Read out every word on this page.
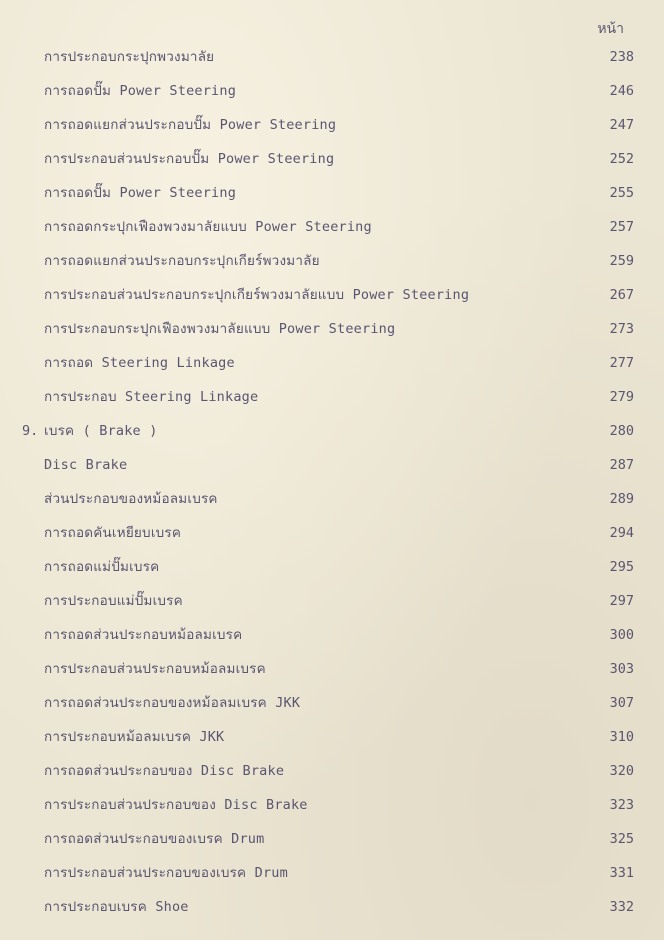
หน้า
การประกอบกระปุกพวงมาลัย	238
การถอดปั๊ม Power Steering	246
การถอดแยกส่วนประกอบปั๊ม Power Steering	247
การประกอบส่วนประกอบปั๊ม Power Steering	252
การถอดปั๊ม Power Steering	255
การถอดกระปุกเฟืองพวงมาลัยแบบ Power Steering	257
การถอดแยกส่วนประกอบกระปุกเกียร์พวงมาลัย	259
การประกอบส่วนประกอบกระปุกเกียร์พวงมาลัยแบบ Power Steering	267
การประกอบกระปุกเฟืองพวงมาลัยแบบ Power Steering	273
การถอด Steering Linkage	277
การประกอบ Steering Linkage	279
9. เบรค ( Brake )	280
Disc Brake	287
ส่วนประกอบของหม้อลมเบรค	289
การถอดคันเหยียบเบรค	294
การถอดแม่ปั๊มเบรค	295
การประกอบแม่ปั๊มเบรค	297
การถอดส่วนประกอบหม้อลมเบรค	300
การประกอบส่วนประกอบหม้อลมเบรค	303
การถอดส่วนประกอบของหม้อลมเบรค JKK	307
การประกอบหม้อลมเบรค JKK	310
การถอดส่วนประกอบของ Disc Brake	320
การประกอบส่วนประกอบของ Disc Brake	323
การถอดส่วนประกอบของเบรค Drum	325
การประกอบส่วนประกอบของเบรค Drum	331
การประกอบเบรค Shoe	332
